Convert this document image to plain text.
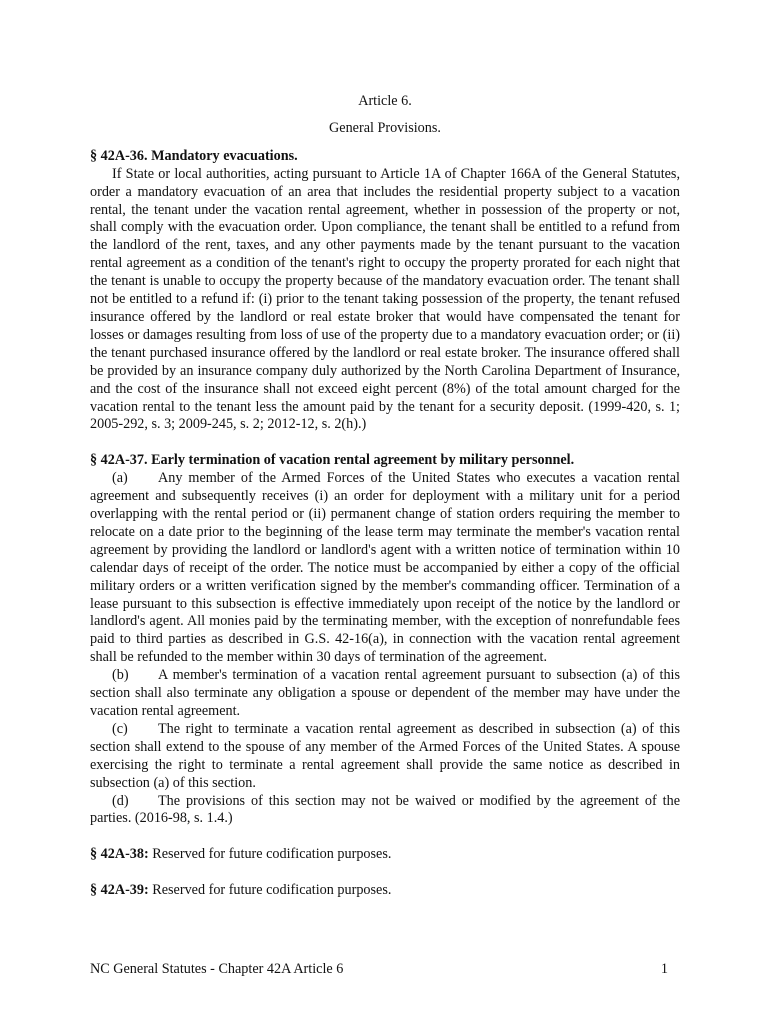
Article 6.
General Provisions.
§ 42A-36. Mandatory evacuations.

If State or local authorities, acting pursuant to Article 1A of Chapter 166A of the General Statutes, order a mandatory evacuation of an area that includes the residential property subject to a vacation rental, the tenant under the vacation rental agreement, whether in possession of the property or not, shall comply with the evacuation order. Upon compliance, the tenant shall be entitled to a refund from the landlord of the rent, taxes, and any other payments made by the tenant pursuant to the vacation rental agreement as a condition of the tenant's right to occupy the property prorated for each night that the tenant is unable to occupy the property because of the mandatory evacuation order. The tenant shall not be entitled to a refund if: (i) prior to the tenant taking possession of the property, the tenant refused insurance offered by the landlord or real estate broker that would have compensated the tenant for losses or damages resulting from loss of use of the property due to a mandatory evacuation order; or (ii) the tenant purchased insurance offered by the landlord or real estate broker. The insurance offered shall be provided by an insurance company duly authorized by the North Carolina Department of Insurance, and the cost of the insurance shall not exceed eight percent (8%) of the total amount charged for the vacation rental to the tenant less the amount paid by the tenant for a security deposit. (1999-420, s. 1; 2005-292, s. 3; 2009-245, s. 2; 2012-12, s. 2(h).)

§ 42A-37. Early termination of vacation rental agreement by military personnel.

(a) Any member of the Armed Forces of the United States who executes a vacation rental agreement and subsequently receives (i) an order for deployment with a military unit for a period overlapping with the rental period or (ii) permanent change of station orders requiring the member to relocate on a date prior to the beginning of the lease term may terminate the member's vacation rental agreement by providing the landlord or landlord's agent with a written notice of termination within 10 calendar days of receipt of the order. The notice must be accompanied by either a copy of the official military orders or a written verification signed by the member's commanding officer. Termination of a lease pursuant to this subsection is effective immediately upon receipt of the notice by the landlord or landlord's agent. All monies paid by the terminating member, with the exception of nonrefundable fees paid to third parties as described in G.S. 42-16(a), in connection with the vacation rental agreement shall be refunded to the member within 30 days of termination of the agreement.

(b) A member's termination of a vacation rental agreement pursuant to subsection (a) of this section shall also terminate any obligation a spouse or dependent of the member may have under the vacation rental agreement.

(c) The right to terminate a vacation rental agreement as described in subsection (a) of this section shall extend to the spouse of any member of the Armed Forces of the United States. A spouse exercising the right to terminate a rental agreement shall provide the same notice as described in subsection (a) of this section.

(d) The provisions of this section may not be waived or modified by the agreement of the parties. (2016-98, s. 1.4.)

§ 42A-38: Reserved for future codification purposes.
§ 42A-39: Reserved for future codification purposes.
NC General Statutes - Chapter 42A Article 6	1
